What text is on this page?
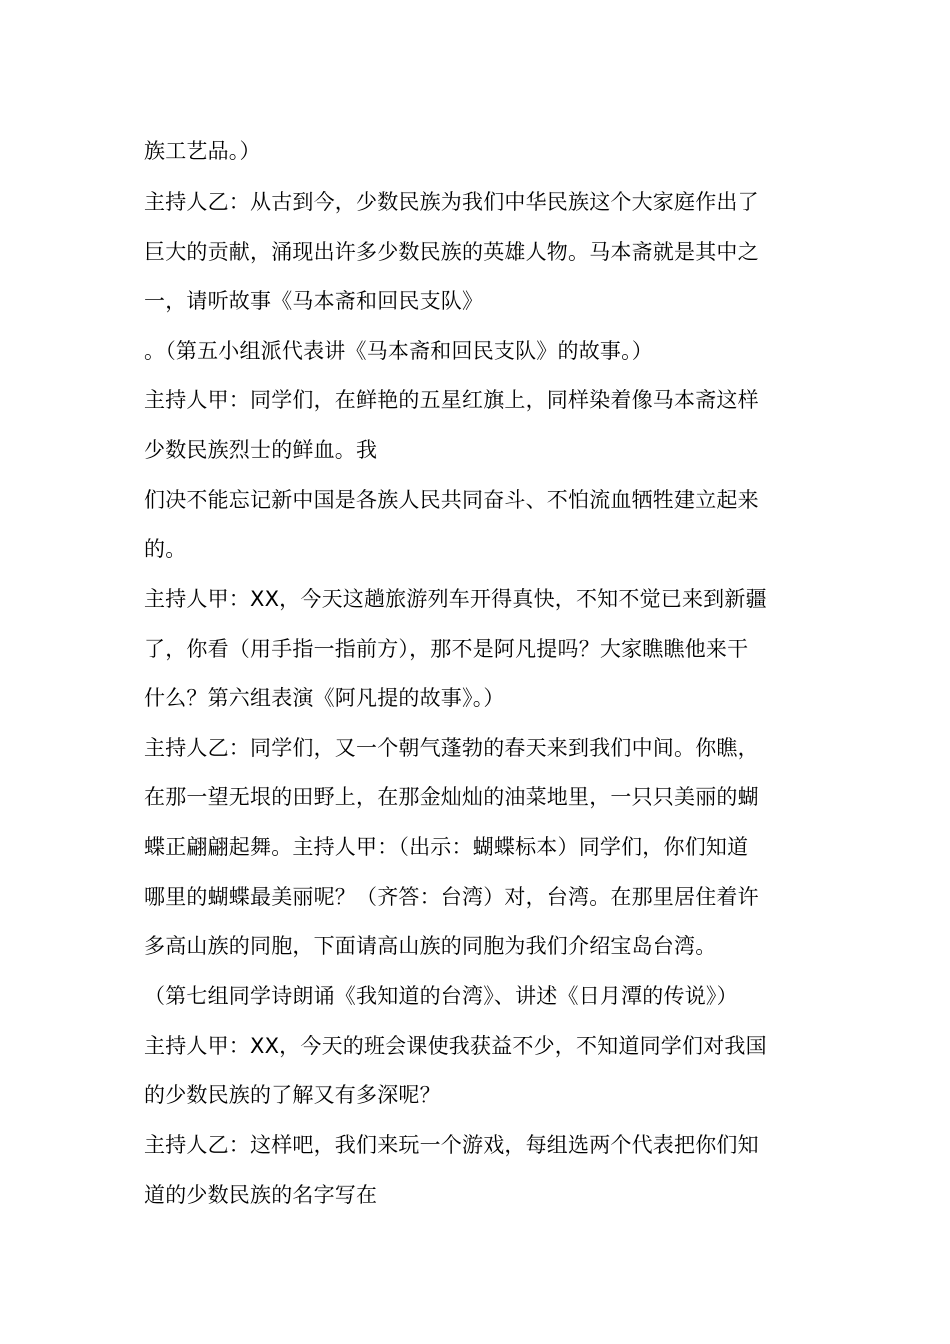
族工艺品。）
主持人乙：从古到今，少数民族为我们中华民族这个大家庭作出了
巨大的贡献，涌现出许多少数民族的英雄人物。马本斋就是其中之
一，请听故事《马本斋和回民支队》
。（第五小组派代表讲《马本斋和回民支队》的故事。）
主持人甲：同学们，在鲜艳的五星红旗上，同样染着像马本斋这样
少数民族烈士的鲜血。我
们决不能忘记新中国是各族人民共同奋斗、不怕流血牺牲建立起来
的。
主持人甲：XX，今天这趟旅游列车开得真快，不知不觉已来到新疆
了，你看（用手指一指前方），那不是阿凡提吗？大家瞧瞧他来干
什么？第六组表演《阿凡提的故事》。）
主持人乙：同学们，又一个朝气蓬勃的春天来到我们中间。你瞧，
在那一望无垠的田野上，在那金灿灿的油菜地里，一只只美丽的蝴
蝶正翩翩起舞。主持人甲：（出示：蝴蝶标本）同学们，你们知道
哪里的蝴蝶最美丽呢？（齐答：台湾）对，台湾。在那里居住着许
多高山族的同胞，下面请高山族的同胞为我们介绍宝岛台湾。
（第七组同学诗朗诵《我知道的台湾》、讲述《日月潭的传说》）
主持人甲：XX，今天的班会课使我获益不少，不知道同学们对我国
的少数民族的了解又有多深呢？
主持人乙：这样吧，我们来玩一个游戏，每组选两个代表把你们知
道的少数民族的名字写在
